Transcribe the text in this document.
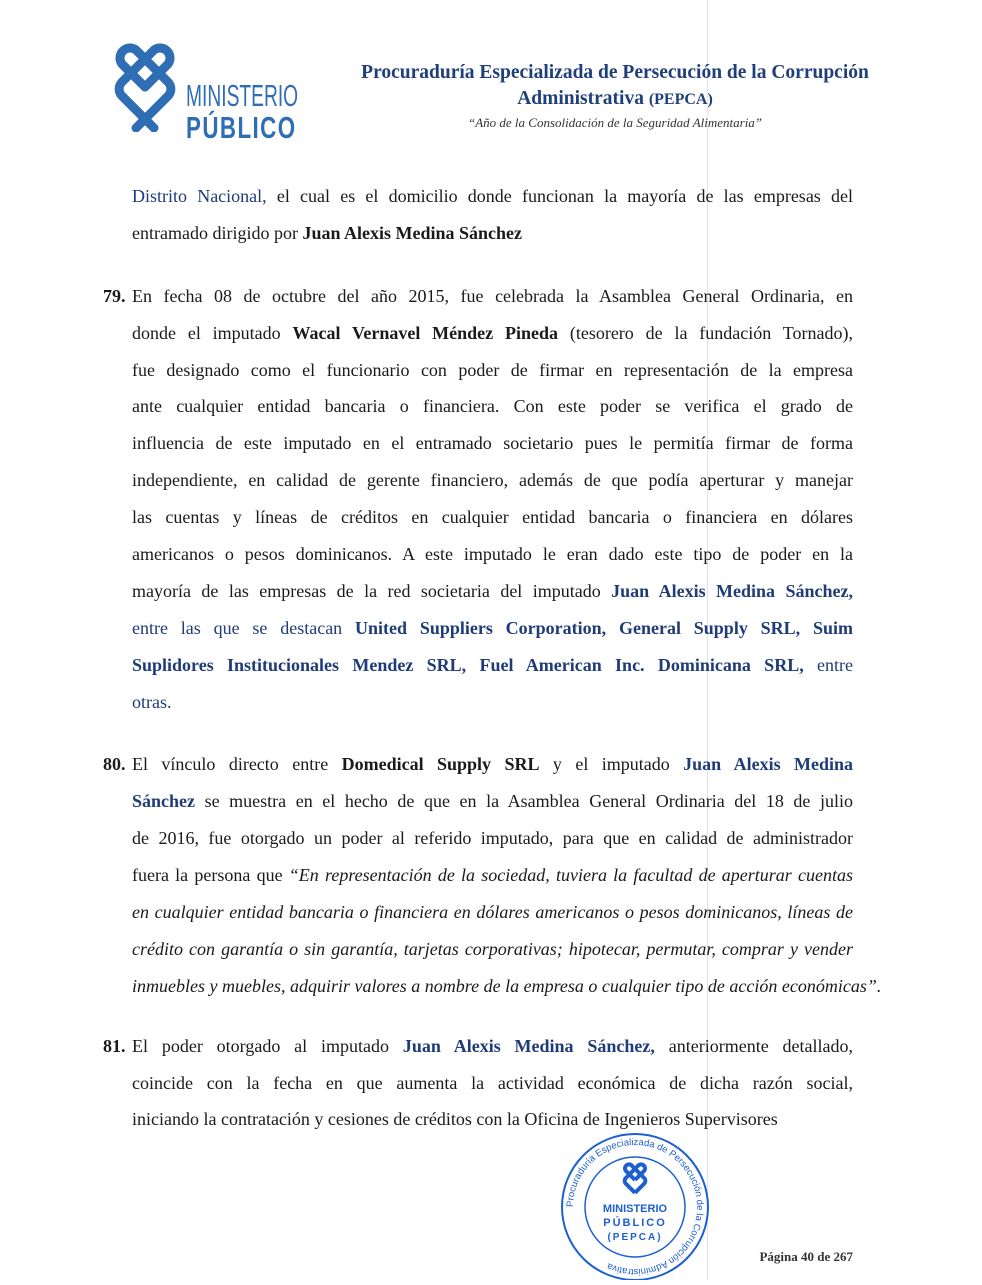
MINISTERIO
PÚBLICO
Procuraduría Especializada de Persecución de la Corrupción
Administrativa (PEPCA)
“Año de la Consolidación de la Seguridad Alimentaria”
Distrito Nacional, el cual es el domicilio donde funcionan la mayoría de las empresas del
entramado dirigido por Juan Alexis Medina Sánchez
79. En fecha 08 de octubre del año 2015, fue celebrada la Asamblea General Ordinaria, en
donde el imputado Wacal Vernavel Méndez Pineda (tesorero de la fundación Tornado),
fue designado como el funcionario con poder de firmar en representación de la empresa
ante cualquier entidad bancaria o financiera. Con este poder se verifica el grado de
influencia de este imputado en el entramado societario pues le permitía firmar de forma
independiente, en calidad de gerente financiero, además de que podía aperturar y manejar
las cuentas y líneas de créditos en cualquier entidad bancaria o financiera en dólares
americanos o pesos dominicanos. A este imputado le eran dado este tipo de poder en la
mayoría de las empresas de la red societaria del imputado Juan Alexis Medina Sánchez,
entre las que se destacan United Suppliers Corporation, General Supply SRL, Suim
Suplidores Institucionales Mendez SRL, Fuel American Inc. Dominicana SRL, entre
otras.
80. El vínculo directo entre Domedical Supply SRL y el imputado Juan Alexis Medina
Sánchez se muestra en el hecho de que en la Asamblea General Ordinaria del 18 de julio
de 2016, fue otorgado un poder al referido imputado, para que en calidad de administrador
fuera la persona que “En representación de la sociedad, tuviera la facultad de aperturar cuentas
en cualquier entidad bancaria o financiera en dólares americanos o pesos dominicanos, líneas de
crédito con garantía o sin garantía, tarjetas corporativas; hipotecar, permutar, comprar y vender
inmuebles y muebles, adquirir valores a nombre de la empresa o cualquier tipo de acción económicas”.
81. El poder otorgado al imputado Juan Alexis Medina Sánchez, anteriormente detallado,
coincide con la fecha en que aumenta la actividad económica de dicha razón social,
iniciando la contratación y cesiones de créditos con la Oficina de Ingenieros Supervisores
Procuraduría Especializada de Persecución de la Corrupción Administrativa
MINISTERIO
PÚBLICO
(PEPCA)
Página 40 de 267
